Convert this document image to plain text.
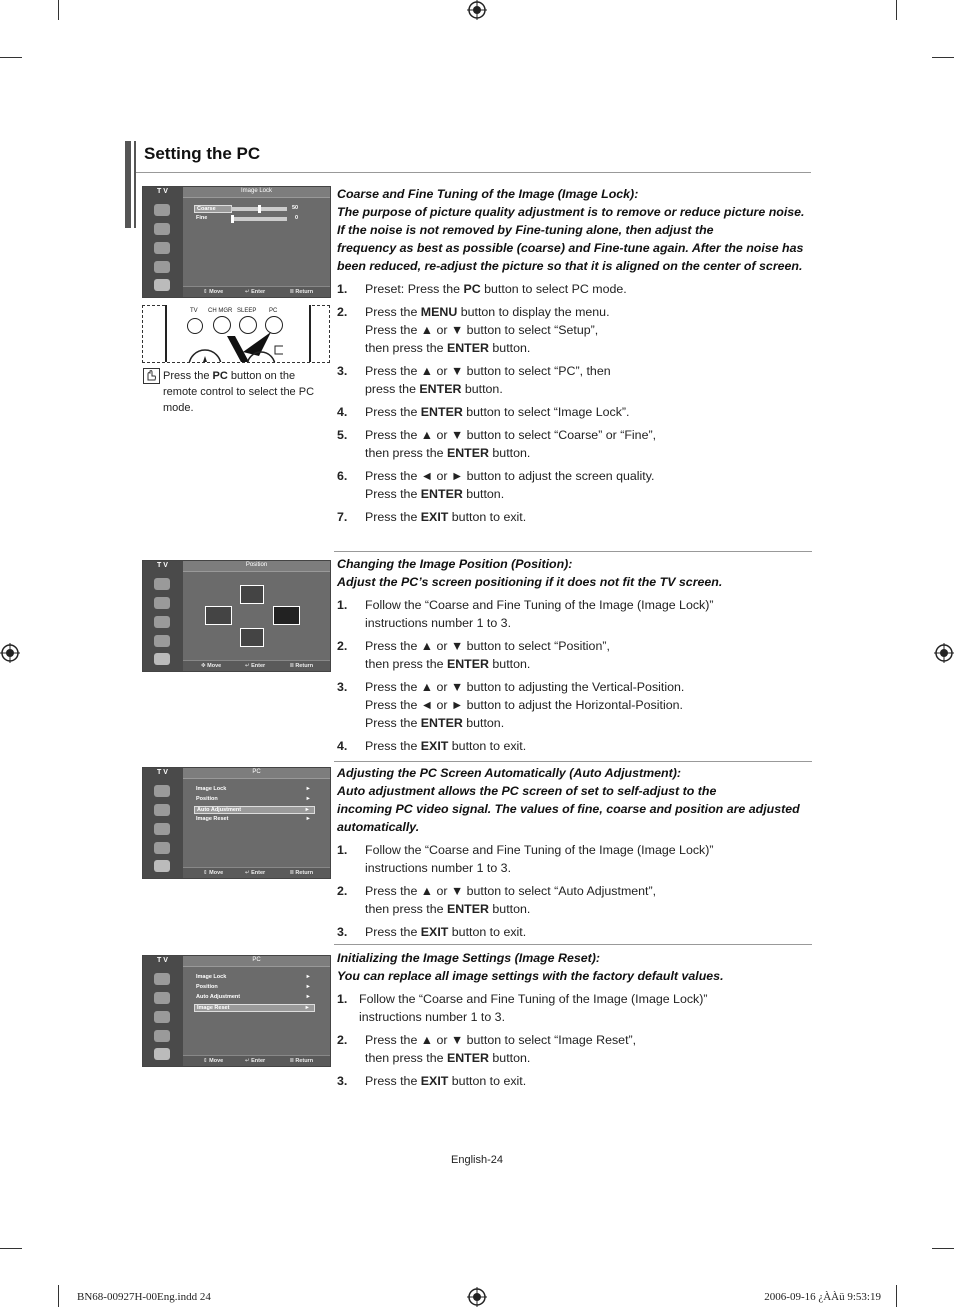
Setting the PC
T V	Image Lock
Coarse	50
Fine	0
⇕ Move	↵ Enter	Ⅲ Return
TV CH MGR SLEEP PC
Press the PC button on the remote control to select the PC mode.
Coarse and Fine Tuning of the Image (Image Lock):
The purpose of picture quality adjustment is to remove or reduce picture noise. If the noise is not removed by Fine-tuning alone, then adjust the
frequency as best as possible (coarse) and Fine-tune again. After the noise has been reduced, re-adjust the picture so that it is aligned on the center of screen.
1. Preset: Press the PC button to select PC mode.
2. Press the MENU button to display the menu.
Press the ▲ or ▼ button to select “Setup”,
then press the ENTER button.
3. Press the ▲ or ▼ button to select “PC”, then
press the ENTER button.
4. Press the ENTER button to select “Image Lock”.
5. Press the ▲ or ▼ button to select “Coarse” or “Fine”,
then press the ENTER button.
6. Press the ◄ or ► button to adjust the screen quality.
Press the ENTER button.
7. Press the EXIT button to exit.
T V	Position
✥ Move	↵ Enter	Ⅲ Return
Changing the Image Position (Position):
Adjust the PC’s screen positioning if it does not fit the TV screen.
1. Follow the “Coarse and Fine Tuning of the Image (Image Lock)”
instructions number 1 to 3.
2. Press the ▲ or ▼ button to select “Position”,
then press the ENTER button.
3. Press the ▲ or ▼ button to adjusting the Vertical-Position.
Press the ◄ or ► button to adjust the Horizontal-Position.
Press the ENTER button.
4. Press the EXIT button to exit.
T V	PC
Image Lock	►
Position	►
Auto Adjustment	►
Image Reset	►
⇕ Move	↵ Enter	Ⅲ Return
Adjusting the PC Screen Automatically (Auto Adjustment):
Auto adjustment allows the PC screen of set to self-adjust to the
incoming PC video signal. The values of fine, coarse and position are adjusted automatically.
1. Follow the “Coarse and Fine Tuning of the Image (Image Lock)”
instructions number 1 to 3.
2. Press the ▲ or ▼ button to select “Auto Adjustment”,
then press the ENTER button.
3. Press the EXIT button to exit.
T V	PC
Image Lock	►
Position	►
Auto Adjustment	►
Image Reset	►
⇕ Move	↵ Enter	Ⅲ Return
Initializing the Image Settings (Image Reset):
You can replace all image settings with the factory default values.
1. Follow the “Coarse and Fine Tuning of the Image (Image Lock)”
instructions number 1 to 3.
2. Press the ▲ or ▼ button to select “Image Reset”,
then press the ENTER button.
3. Press the EXIT button to exit.
English-24
BN68-00927H-00Eng.indd 24	2006-09-16 ¿ÀÀü 9:53:19
